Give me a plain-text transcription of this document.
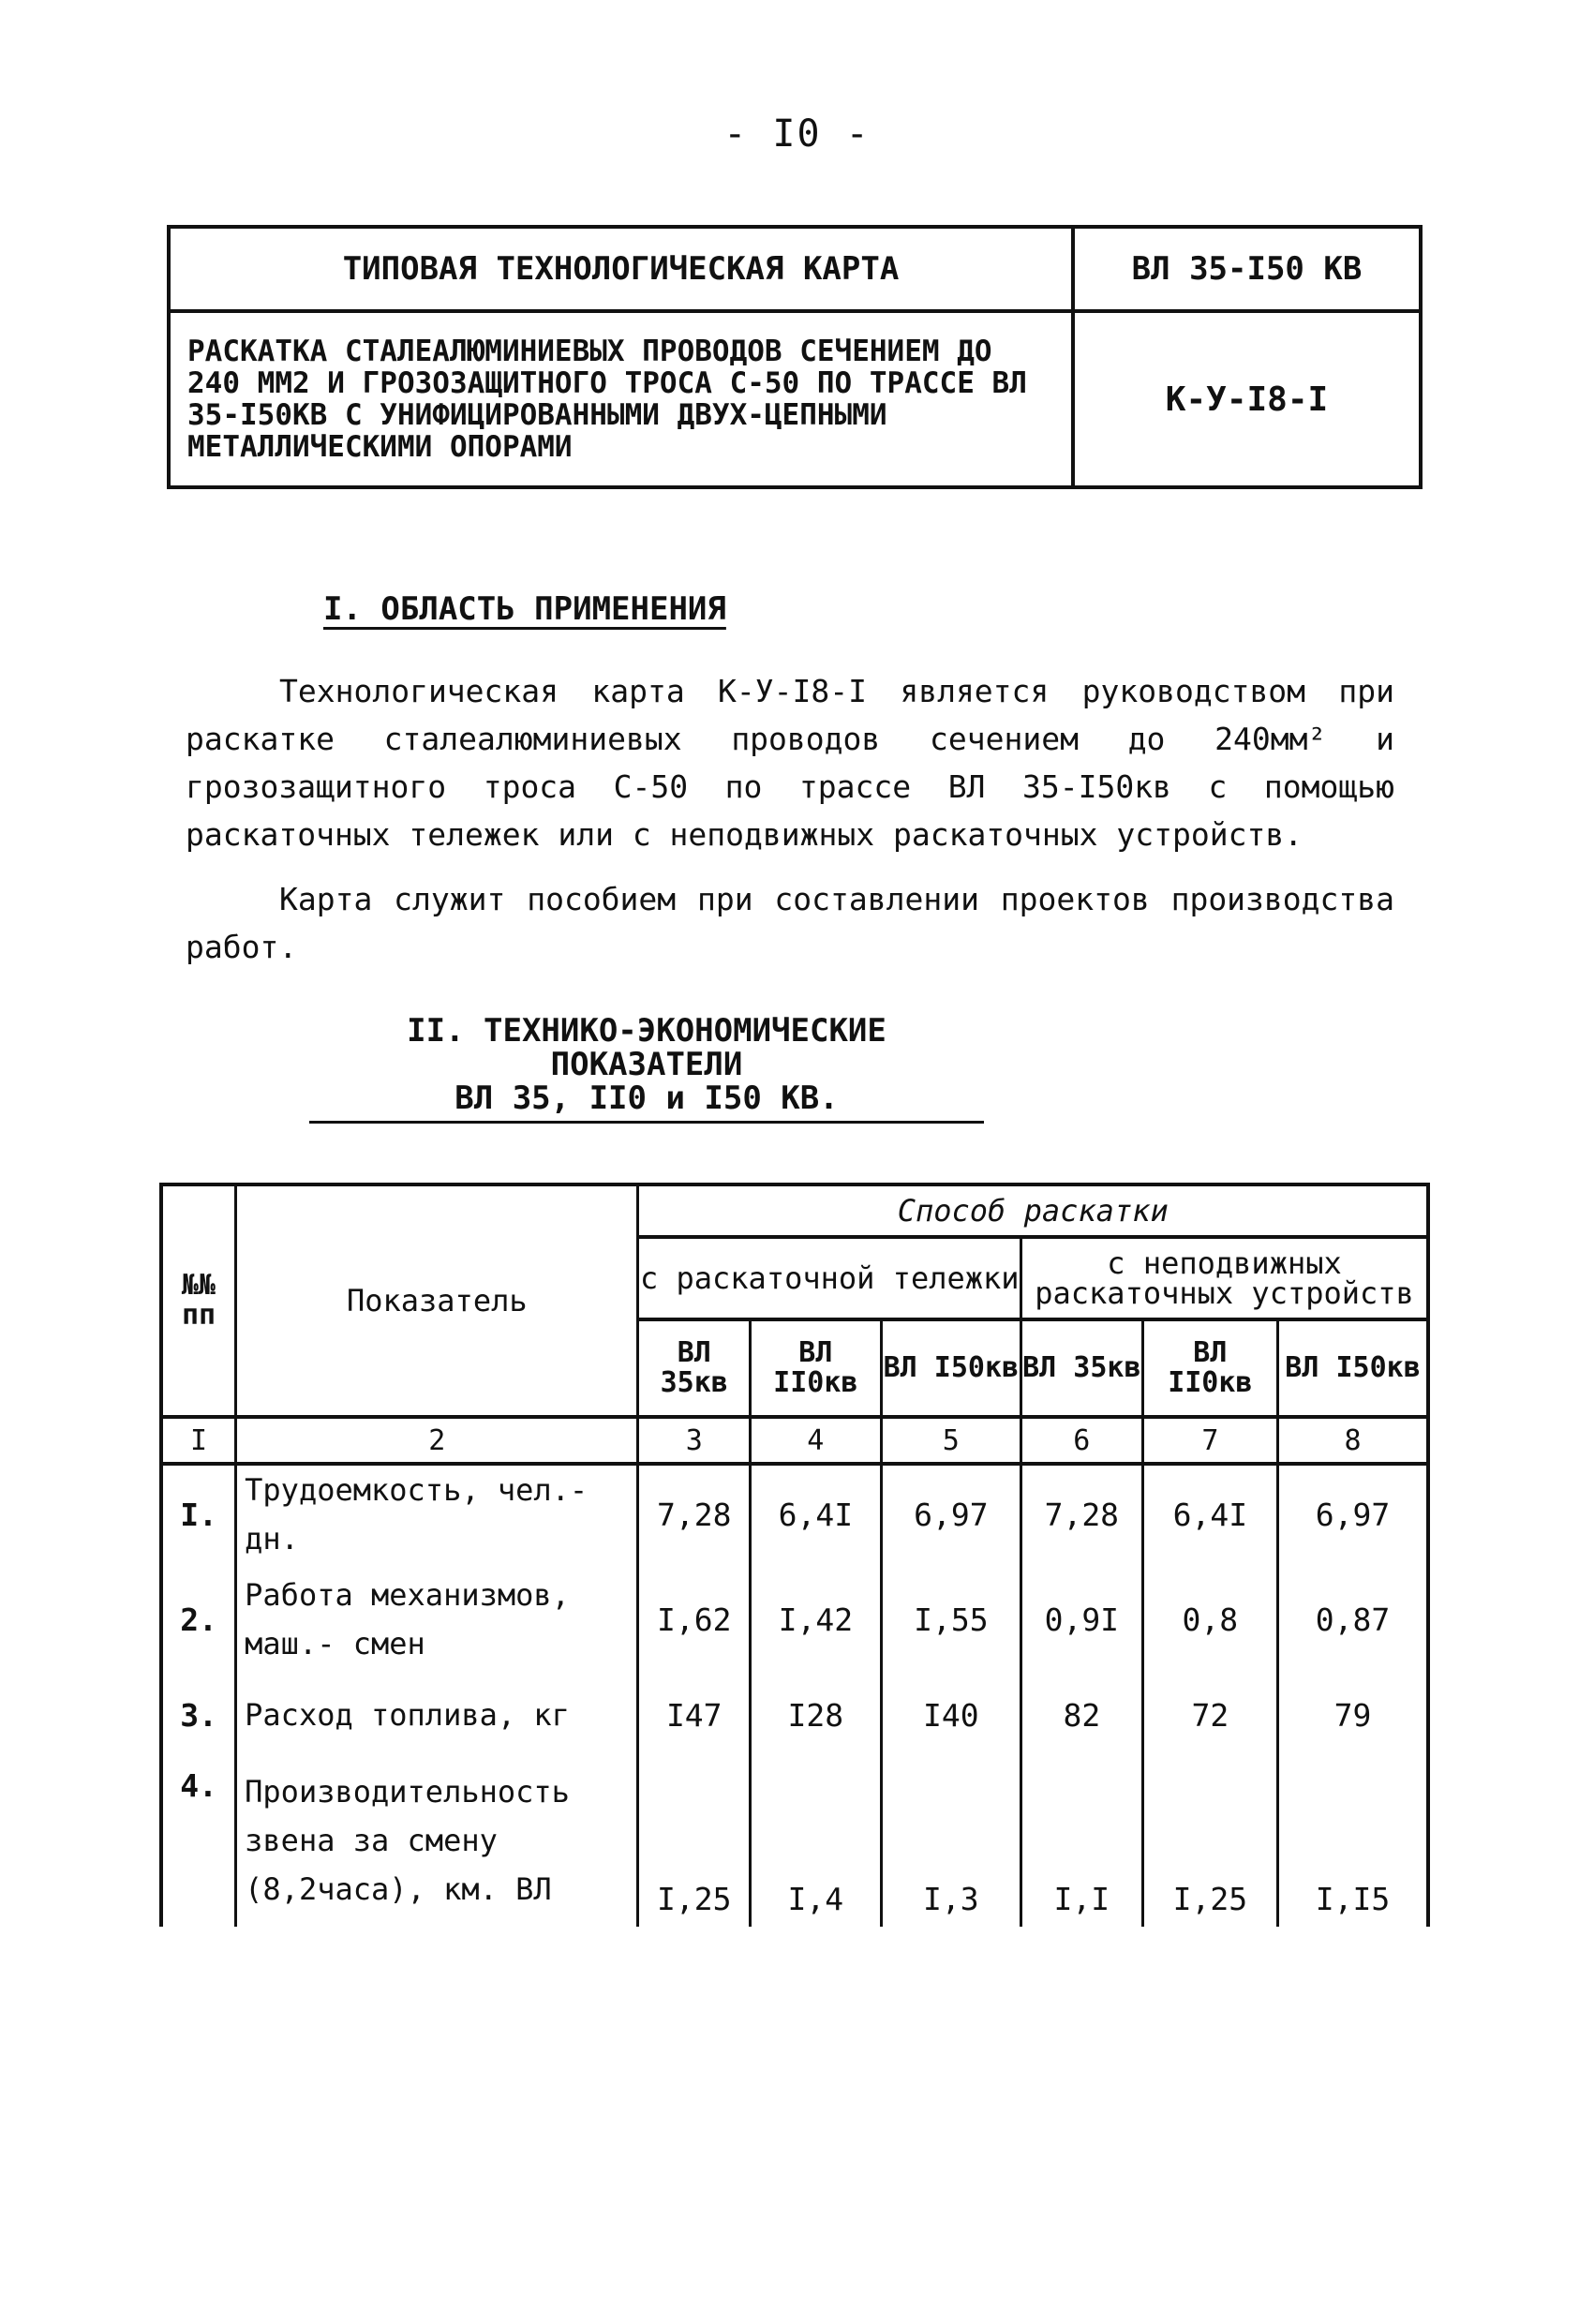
- I0 -
ТИПОВАЯ ТЕХНОЛОГИЧЕСКАЯ КАРТА	ВЛ 35-I50 КВ
РАСКАТКА СТАЛЕАЛЮМИНИЕВЫХ ПРОВОДОВ СЕЧЕНИЕМ ДО 240 ММ2 И ГРОЗОЗАЩИТНОГО ТРОСА С-50 ПО ТРАССЕ ВЛ 35-I50КВ С УНИФИЦИРОВАННЫМИ ДВУХ-ЦЕПНЫМИ МЕТАЛЛИЧЕСКИМИ ОПОРАМИ
К-У-I8-I
I. ОБЛАСТЬ ПРИМЕНЕНИЯ
Технологическая карта К-У-I8-I является руководством при раскатке сталеалюминиевых проводов сечением до 240мм² и грозозащитного троса С-50 по трассе ВЛ 35-I50кв с помощью раскаточных тележек или с неподвижных раскаточных устройств.
Карта служит пособием при составлении проектов производства работ.
II. ТЕХНИКО-ЭКОНОМИЧЕСКИЕ ПОКАЗАТЕЛИ
ВЛ 35, II0 и I50 КВ.
№№ пп	Показатель	Способ раскатки					
		с раскаточной тележки			с неподвижных раскаточных устройств		
		ВЛ 35кв	ВЛ II0кв	ВЛ I50кв	ВЛ 35кв	ВЛ II0кв	ВЛ I50кв
I	2	3	4	5	6	7	8
I.	Трудоемкость, чел.-дн.	7,28	6,4I	6,97	7,28	6,4I	6,97
2.	Работа механизмов, маш.- смен	I,62	I,42	I,55	0,9I	0,8	0,87
3.	Расход топлива, кг	I47	I28	I40	82	72	79
4.	Производительность звена за смену (8,2часа), км. ВЛ	I,25	I,4	I,3	I,I	I,25	I,I5
